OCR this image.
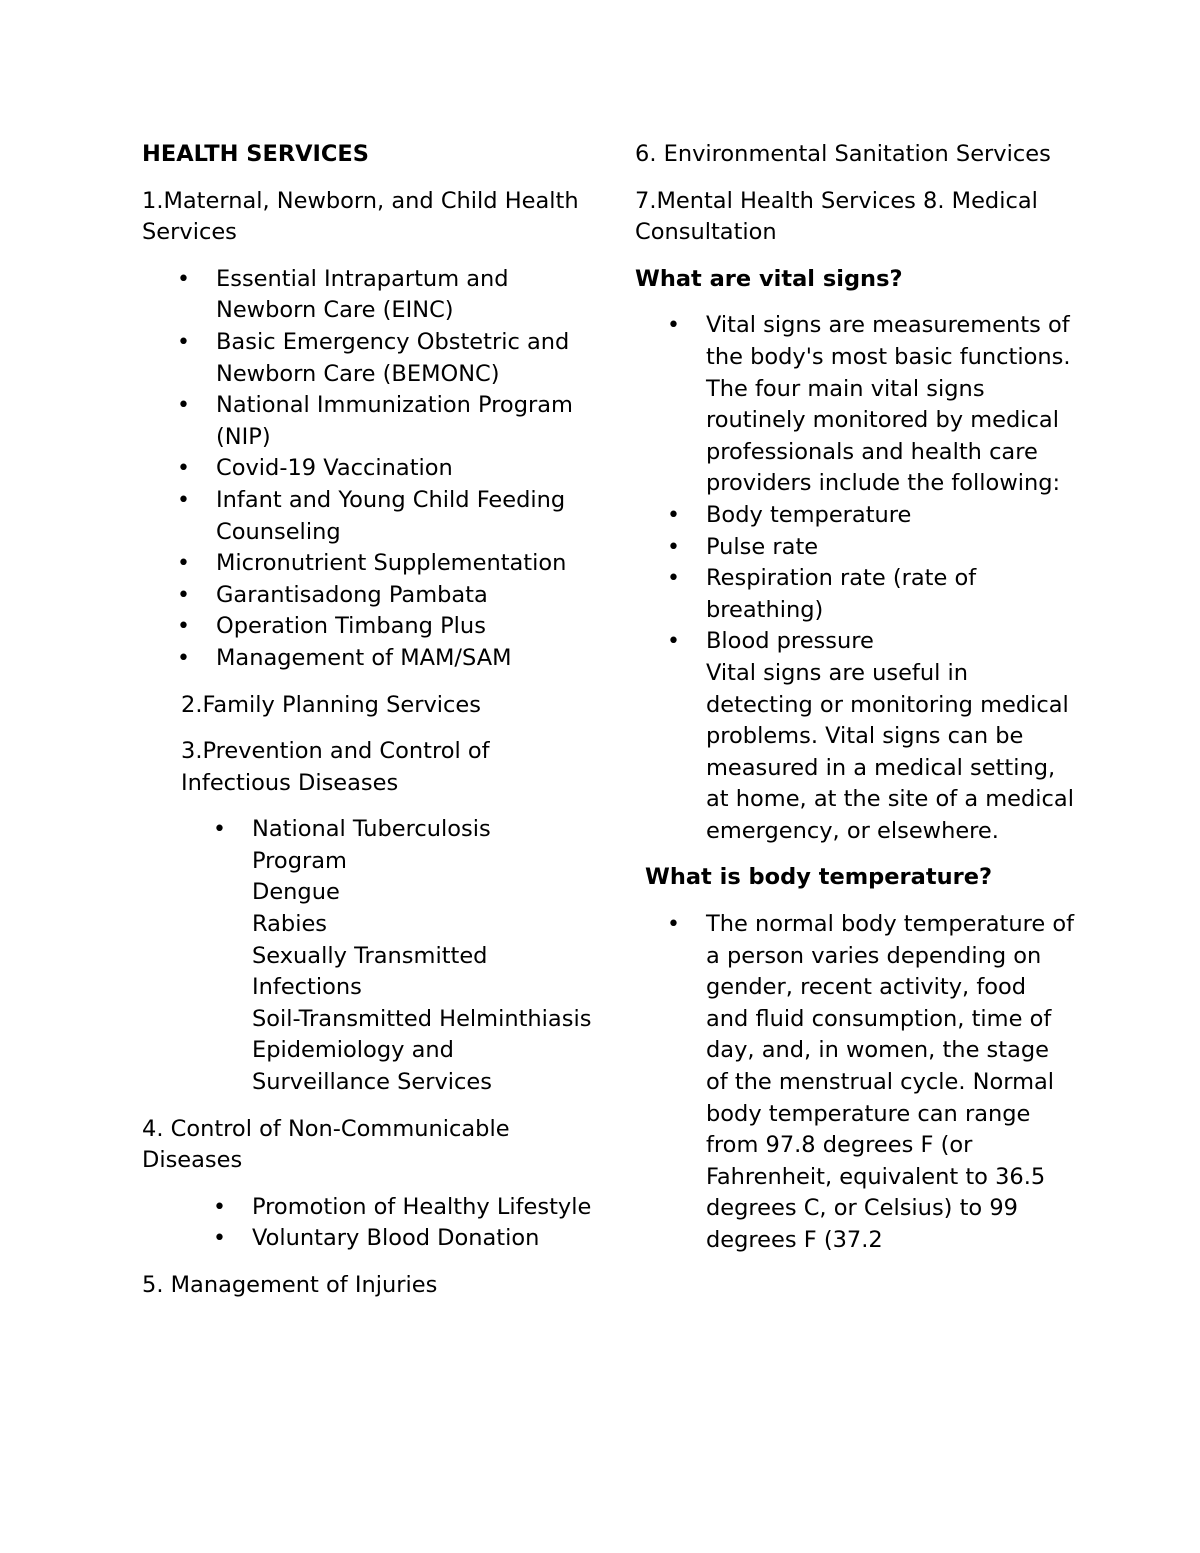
HEALTH SERVICES

1.Maternal, Newborn, and Child Health Services

• Essential Intrapartum and Newborn Care (EINC)
• Basic Emergency Obstetric and Newborn Care (BEMONC)
• National Immunization Program (NIP)
• Covid-19 Vaccination
• Infant and Young Child Feeding Counseling
• Micronutrient Supplementation
• Garantisadong Pambata
• Operation Timbang Plus
• Management of MAM/SAM

2.Family Planning Services

3.Prevention and Control of Infectious Diseases

• National Tuberculosis Program
Dengue
Rabies
Sexually Transmitted Infections
Soil-Transmitted Helminthiasis
Epidemiology and Surveillance Services

4. Control of Non-Communicable Diseases

• Promotion of Healthy Lifestyle
• Voluntary Blood Donation

5. Management of Injuries

6. Environmental Sanitation Services

7.Mental Health Services 8. Medical Consultation

What are vital signs?
• Vital signs are measurements of the body's most basic functions. The four main vital signs routinely monitored by medical professionals and health care providers include the following:
• Body temperature
• Pulse rate
• Respiration rate (rate of breathing)
• Blood pressure
Vital signs are useful in detecting or monitoring medical problems. Vital signs can be measured in a medical setting, at home, at the site of a medical emergency, or elsewhere.
What is body temperature?
• The normal body temperature of a person varies depending on gender, recent activity, food and fluid consumption, time of day, and, in women, the stage of the menstrual cycle. Normal body temperature can range from 97.8 degrees F (or Fahrenheit, equivalent to 36.5 degrees C, or Celsius) to 99 degrees F (37.2
